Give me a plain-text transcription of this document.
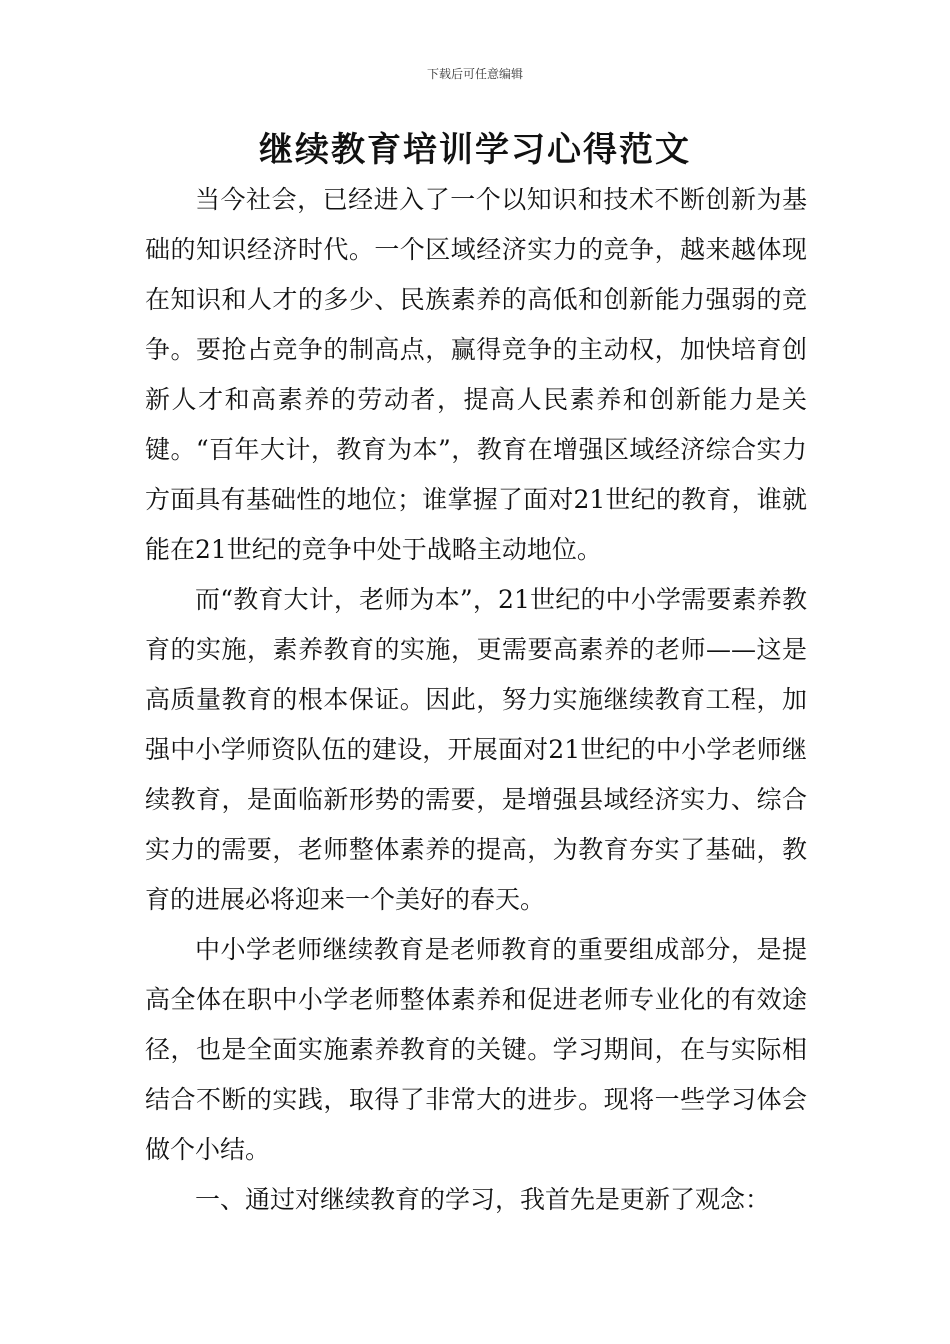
下载后可任意编辑
继续教育培训学习心得范文

当今社会，已经进入了一个以知识和技术不断创新为基础的知识经济时代。一个区域经济实力的竞争，越来越体现在知识和人才的多少、民族素养的高低和创新能力强弱的竞争。要抢占竞争的制高点，赢得竞争的主动权，加快培育创新人才和高素养的劳动者，提高人民素养和创新能力是关键。“百年大计，教育为本”，教育在增强区域经济综合实力方面具有基础性的地位；谁掌握了面对21世纪的教育，谁就能在21世纪的竞争中处于战略主动地位。

而“教育大计，老师为本”，21世纪的中小学需要素养教育的实施，素养教育的实施，更需要高素养的老师——这是高质量教育的根本保证。因此，努力实施继续教育工程，加强中小学师资队伍的建设，开展面对21世纪的中小学老师继续教育，是面临新形势的需要，是增强县域经济实力、综合实力的需要，老师整体素养的提高，为教育夯实了基础，教育的进展必将迎来一个美好的春天。

中小学老师继续教育是老师教育的重要组成部分，是提高全体在职中小学老师整体素养和促进老师专业化的有效途径，也是全面实施素养教育的关键。学习期间，在与实际相结合不断的实践，取得了非常大的进步。现将一些学习体会做个小结。

一、通过对继续教育的学习，我首先是更新了观念：
